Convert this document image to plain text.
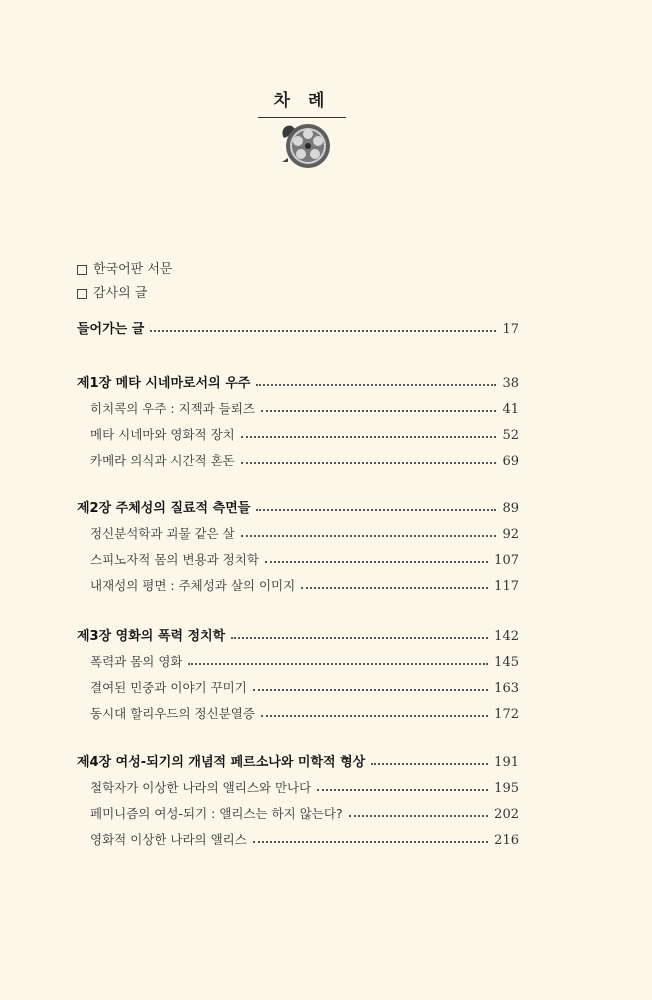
차 례
한국어판 서문
감사의 글
들어가는 글	17
제1장 메타 시네마로서의 우주	38
히치콕의 우주 : 지젝과 들뢰즈	41
메타 시네마와 영화적 장치	52
카메라 의식과 시간적 혼돈	69
제2장 주체성의 질료적 측면들	89
정신분석학과 괴물 같은 살	92
스피노자적 몸의 변용과 정치학	107
내재성의 평면 : 주체성과 살의 이미지	117
제3장 영화의 폭력 정치학	142
폭력과 몸의 영화	145
결여된 민중과 이야기 꾸미기	163
동시대 할리우드의 정신분열증	172
제4장 여성-되기의 개념적 페르소나와 미학적 형상	191
철학자가 이상한 나라의 앨리스와 만나다	195
페미니즘의 여성-되기 : 앨리스는 하지 않는다?	202
영화적 이상한 나라의 앨리스	216
